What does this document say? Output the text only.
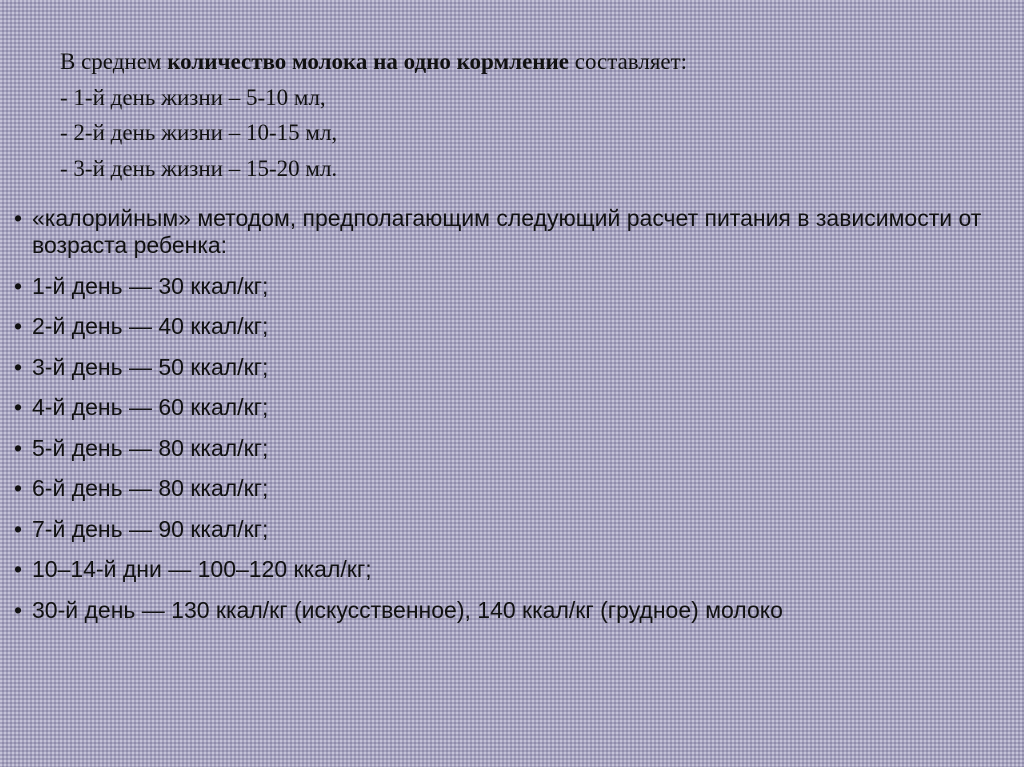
В среднем количество молока на одно кормление составляет:
- 1-й день жизни – 5-10 мл,
- 2-й день жизни – 10-15 мл,
- 3-й день жизни – 15-20 мл.
• «калорийным» методом, предполагающим следующий расчет питания в зависимости от возраста ребенка:
• 1-й день — 30 ккал/кг;
• 2-й день — 40 ккал/кг;
• 3-й день — 50 ккал/кг;
• 4-й день — 60 ккал/кг;
• 5-й день — 80 ккал/кг;
• 6-й день — 80 ккал/кг;
• 7-й день — 90 ккал/кг;
• 10–14-й дни — 100–120 ккал/кг;
• 30-й день — 130 ккал/кг (искусственное), 140 ккал/кг (грудное) молоко
